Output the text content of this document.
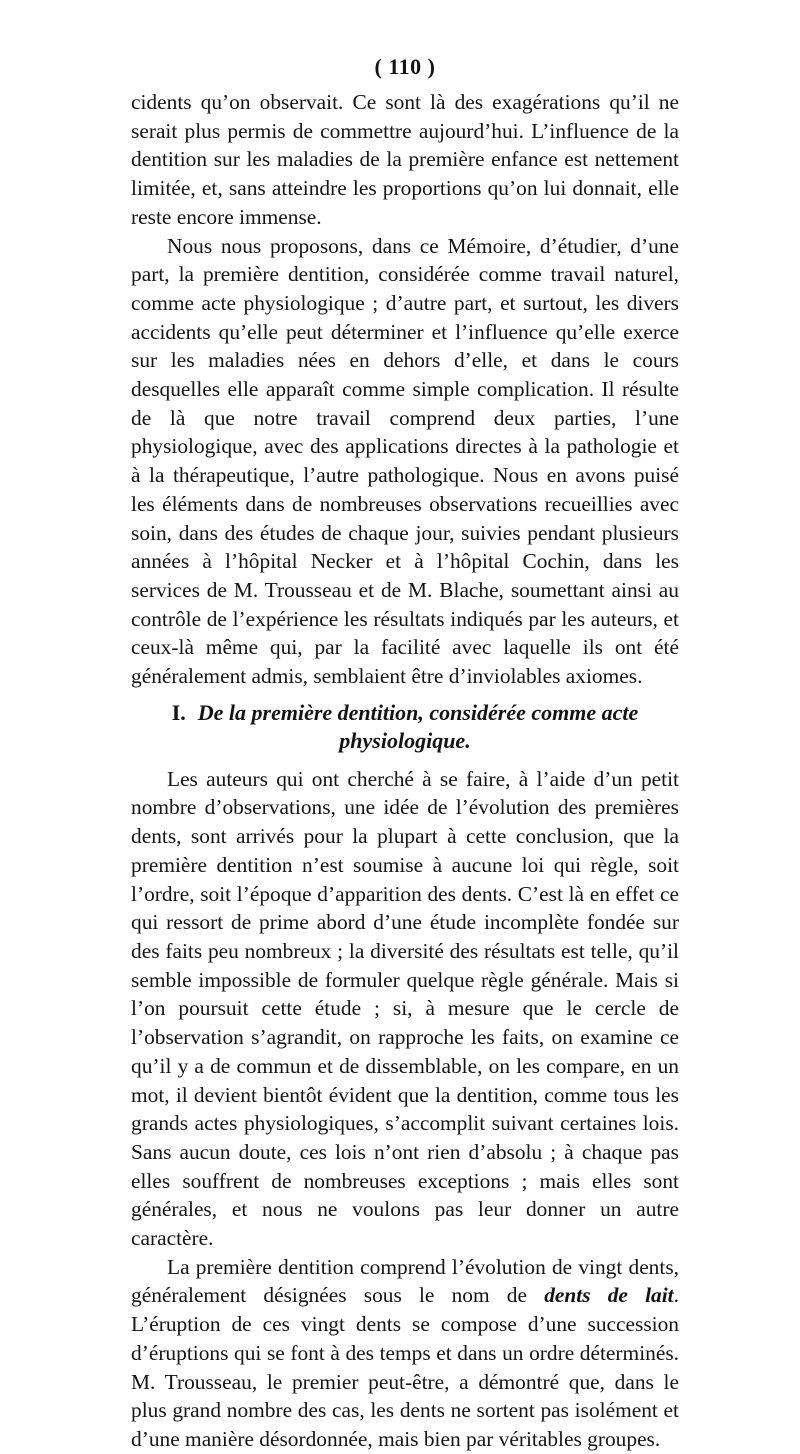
( 110 )

cidents qu’on observait. Ce sont là des exagérations qu’il ne serait plus permis de commettre aujourd’hui. L’influence de la dentition sur les maladies de la première enfance est nettement limitée, et, sans atteindre les proportions qu’on lui donnait, elle reste encore immense.

Nous nous proposons, dans ce Mémoire, d’étudier, d’une part, la première dentition, considérée comme travail naturel, comme acte physiologique ; d’autre part, et surtout, les divers accidents qu’elle peut déterminer et l’influence qu’elle exerce sur les maladies nées en dehors d’elle, et dans le cours desquelles elle apparaît comme simple complication. Il résulte de là que notre travail comprend deux parties, l’une physiologique, avec des applications directes à la pathologie et à la thérapeutique, l’autre pathologique. Nous en avons puisé les éléments dans de nombreuses observations recueillies avec soin, dans des études de chaque jour, suivies pendant plusieurs années à l’hôpital Necker et à l’hôpital Cochin, dans les services de M. Trousseau et de M. Blache, soumettant ainsi au contrôle de l’expérience les résultats indiqués par les auteurs, et ceux-là même qui, par la facilité avec laquelle ils ont été généralement admis, semblaient être d’inviolables axiomes.

I. De la première dentition, considérée comme acte physiologique.

Les auteurs qui ont cherché à se faire, à l’aide d’un petit nombre d’observations, une idée de l’évolution des premières dents, sont arrivés pour la plupart à cette conclusion, que la première dentition n’est soumise à aucune loi qui règle, soit l’ordre, soit l’époque d’apparition des dents. C’est là en effet ce qui ressort de prime abord d’une étude incomplète fondée sur des faits peu nombreux ; la diversité des résultats est telle, qu’il semble impossible de formuler quelque règle générale. Mais si l’on poursuit cette étude ; si, à mesure que le cercle de l’observation s’agrandit, on rapproche les faits, on examine ce qu’il y a de commun et de dissemblable, on les compare, en un mot, il devient bientôt évident que la dentition, comme tous les grands actes physiologiques, s’accomplit suivant certaines lois. Sans aucun doute, ces lois n’ont rien d’absolu ; à chaque pas elles souffrent de nombreuses exceptions ; mais elles sont générales, et nous ne voulons pas leur donner un autre caractère.

La première dentition comprend l’évolution de vingt dents, généralement désignées sous le nom de dents de lait. L’éruption de ces vingt dents se compose d’une succession d’éruptions qui se font à des temps et dans un ordre déterminés. M. Trousseau, le premier peut-être, a démontré que, dans le plus grand nombre des cas, les dents ne sortent pas isolément et d’une manière désordonnée, mais bien par véritables groupes.
